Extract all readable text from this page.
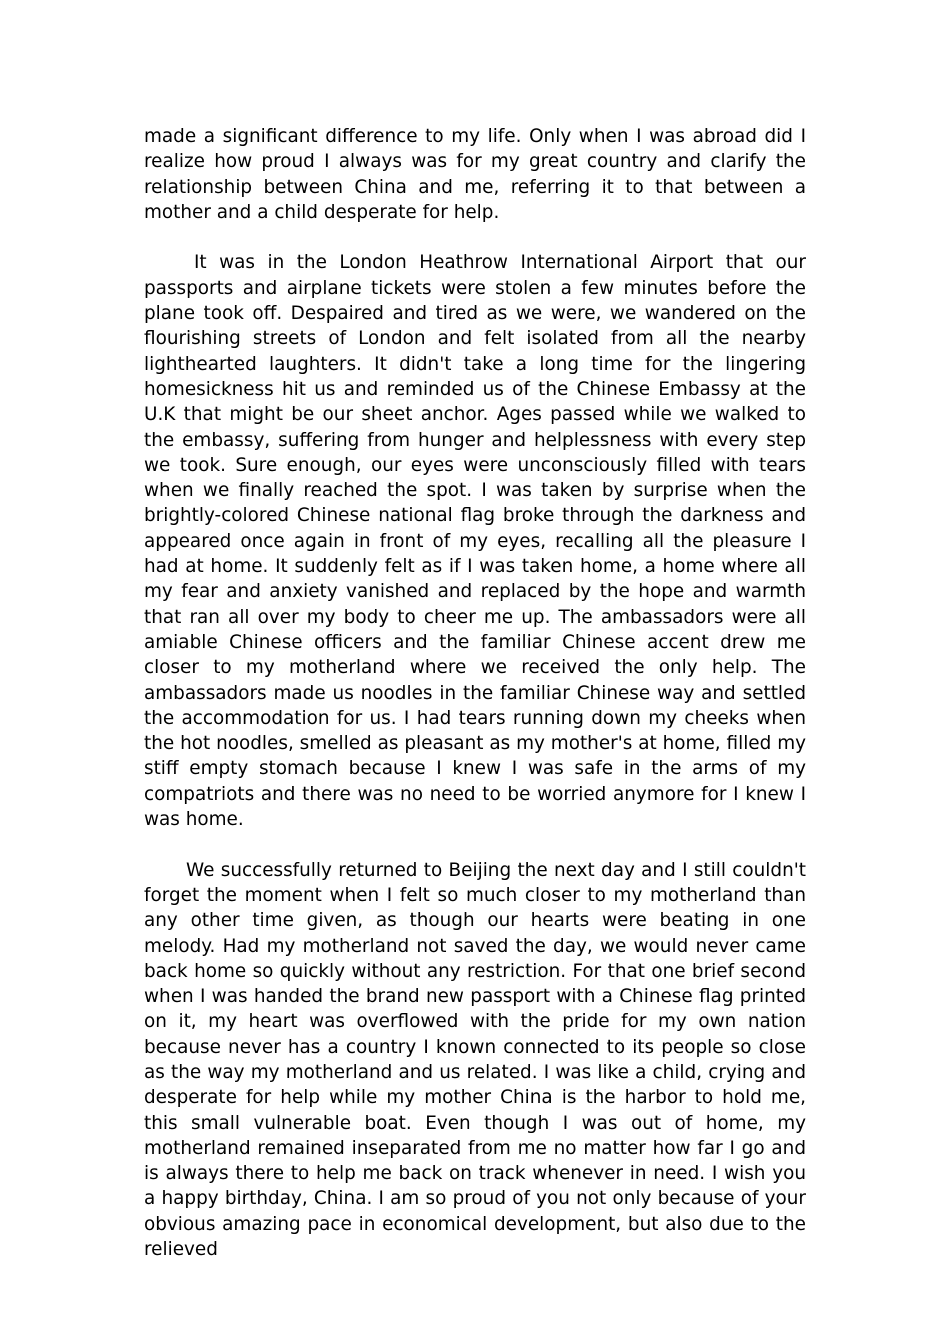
made a significant difference to my life. Only when I was abroad did I realize how proud I always was for my great country and clarify the relationship between China and me, referring it to that between a mother and a child desperate for help.

It was in the London Heathrow International Airport that our passports and airplane tickets were stolen a few minutes before the plane took off. Despaired and tired as we were, we wandered on the flourishing streets of London and felt isolated from all the nearby lighthearted laughters. It didn't take a long time for the lingering homesickness hit us and reminded us of the Chinese Embassy at the U.K that might be our sheet anchor. Ages passed while we walked to the embassy, suffering from hunger and helplessness with every step we took. Sure enough, our eyes were unconsciously filled with tears when we finally reached the spot. I was taken by surprise when the brightly-colored Chinese national flag broke through the darkness and appeared once again in front of my eyes, recalling all the pleasure I had at home. It suddenly felt as if I was taken home, a home where all my fear and anxiety vanished and replaced by the hope and warmth that ran all over my body to cheer me up. The ambassadors were all amiable Chinese officers and the familiar Chinese accent drew me closer to my motherland where we received the only help. The ambassadors made us noodles in the familiar Chinese way and settled the accommodation for us. I had tears running down my cheeks when the hot noodles, smelled as pleasant as my mother's at home, filled my stiff empty stomach because I knew I was safe in the arms of my compatriots and there was no need to be worried anymore for I knew I was home.

We successfully returned to Beijing the next day and I still couldn't forget the moment when I felt so much closer to my motherland than any other time given, as though our hearts were beating in one melody. Had my motherland not saved the day, we would never came back home so quickly without any restriction. For that one brief second when I was handed the brand new passport with a Chinese flag printed on it, my heart was overflowed with the pride for my own nation because never has a country I known connected to its people so close as the way my motherland and us related. I was like a child, crying and desperate for help while my mother China is the harbor to hold me, this small vulnerable boat. Even though I was out of home, my motherland remained inseparated from me no matter how far I go and is always there to help me back on track whenever in need. I wish you a happy birthday, China. I am so proud of you not only because of your obvious amazing pace in economical development, but also due to the relieved
